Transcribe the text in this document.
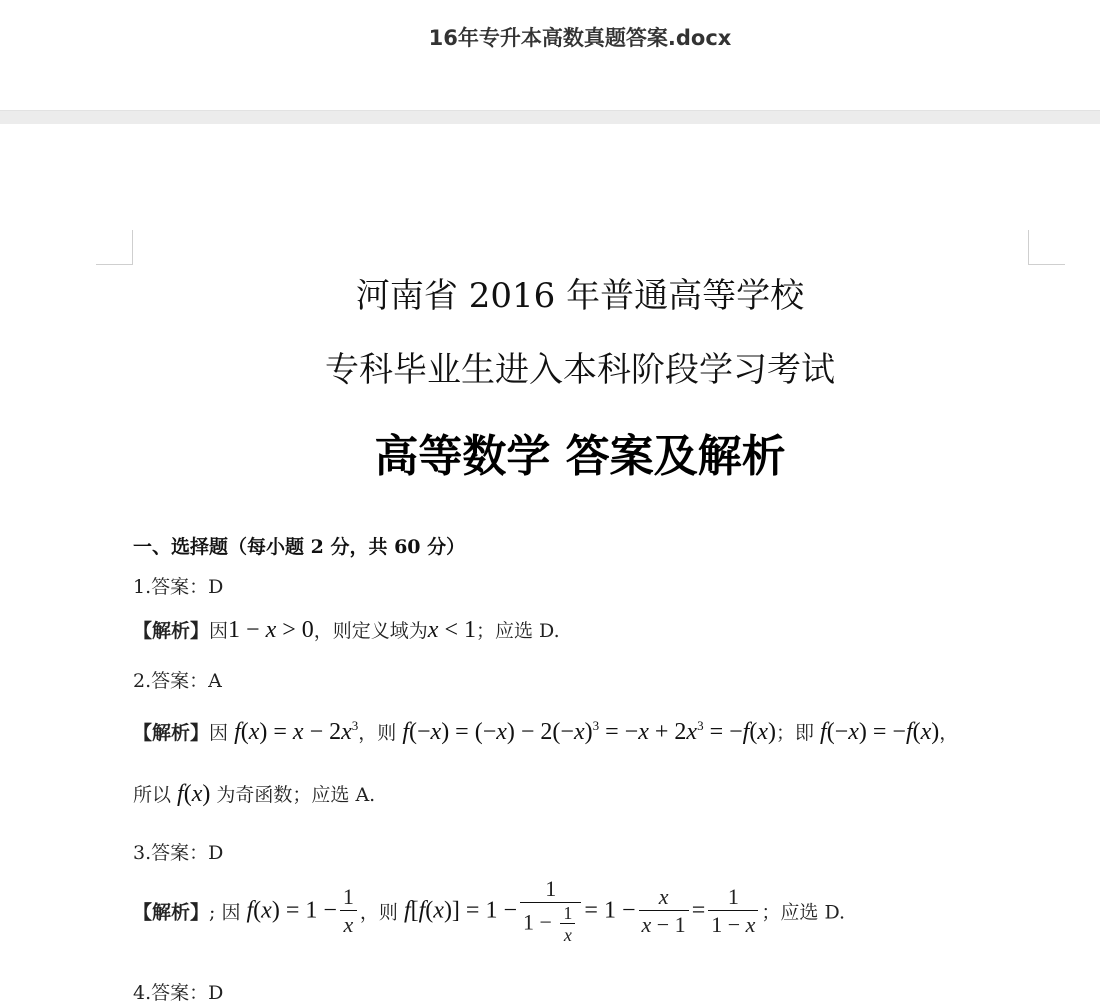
16年专升本高数真题答案.docx
河南省 2016 年普通高等学校
专科毕业生进入本科阶段学习考试
高等数学 答案及解析
一、选择题（每小题 2 分，共 60 分）
1.答案：D
【解析】因1 − x > 0，则定义域为x < 1；应选 D.
2.答案：A
【解析】因 $f(x) = x - 2x^3$，则 $f(-x) = (-x) - 2(-x)^3 = -x + 2x^3 = -f(x)$；即 f(−x) = −f(x)，
所以 f(x) 为奇函数；应选 A.
3.答案：D
【解析】; 因 $f(x) = 1 - \frac{1}{x}$ ，则 $f[f(x)] = 1 - \frac{1}{1 - \frac{1}{x}} = 1 - \frac{x}{x - 1} = \frac{1}{1 - x}$ ；应选 D.
4.答案：D
